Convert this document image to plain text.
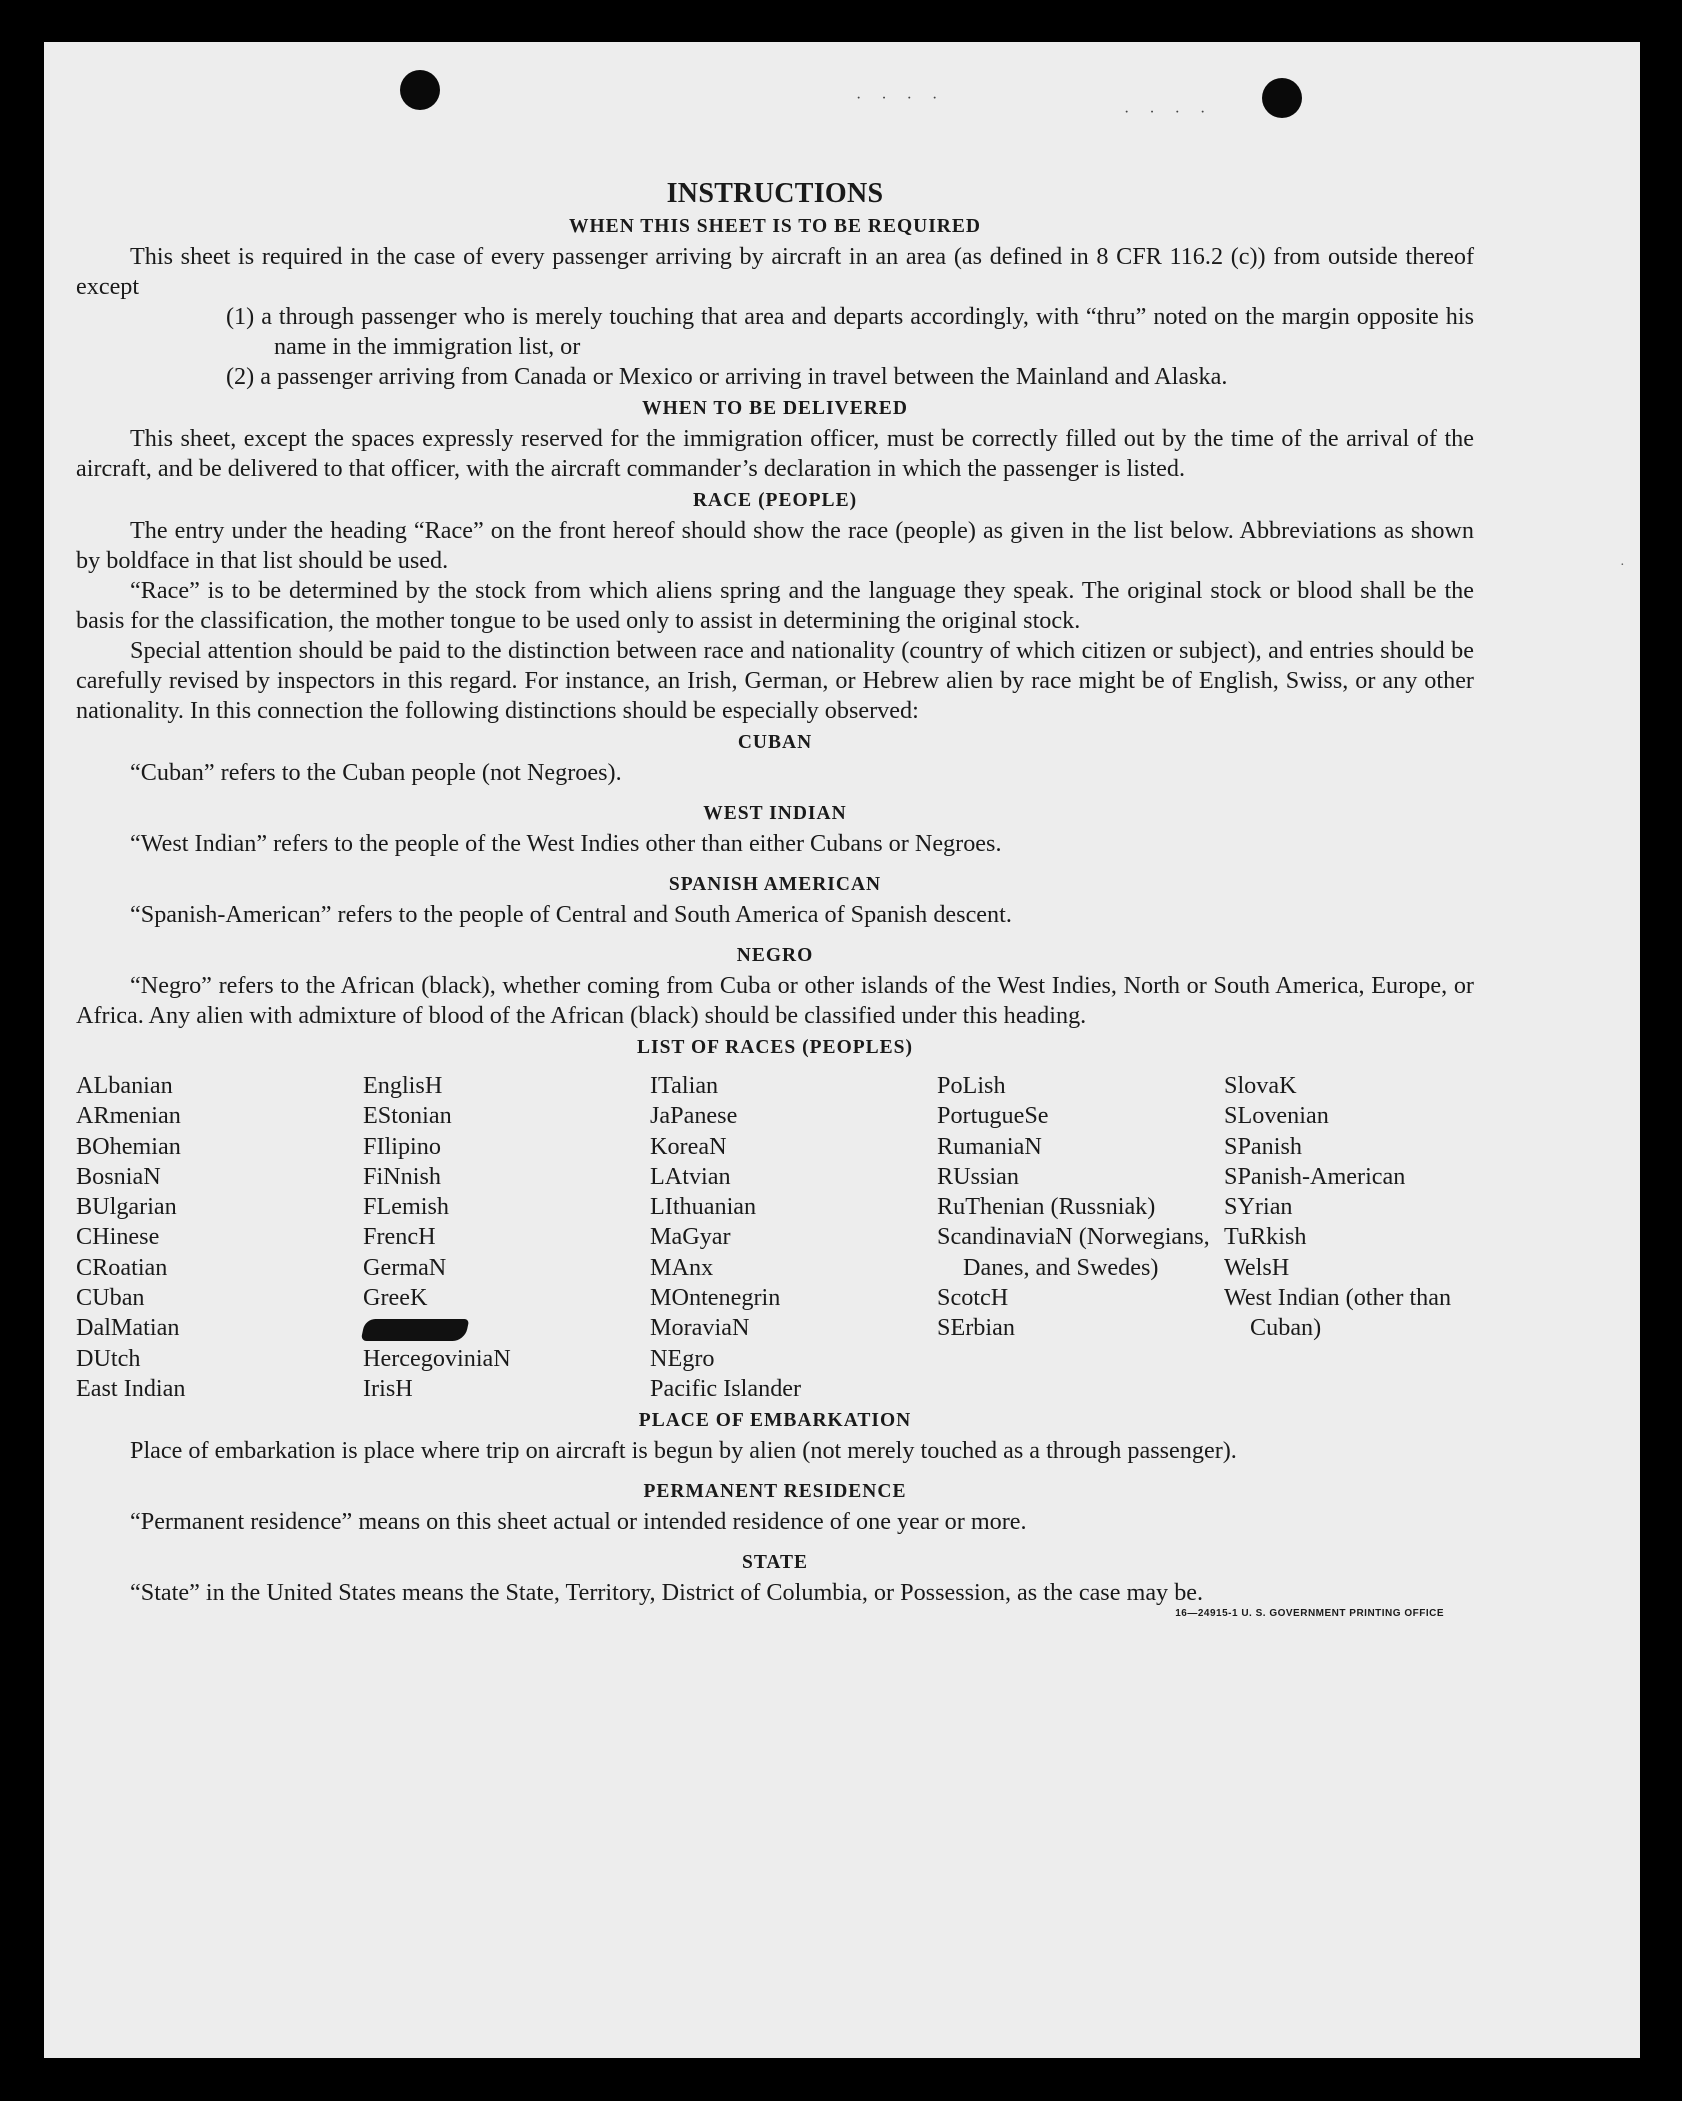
· · · ·
· · · ·
·
INSTRUCTIONS
WHEN THIS SHEET IS TO BE REQUIRED

This sheet is required in the case of every passenger arriving by aircraft in an area (as defined in 8 CFR 116.2 (c)) from outside thereof except

(1) a through passenger who is merely touching that area and departs accordingly, with “thru” noted on the margin opposite his name in the immigration list, or

(2) a passenger arriving from Canada or Mexico or arriving in travel between the Mainland and Alaska.

WHEN TO BE DELIVERED

This sheet, except the spaces expressly reserved for the immigration officer, must be correctly filled out by the time of the arrival of the aircraft, and be delivered to that officer, with the aircraft commander’s declaration in which the passenger is listed.

RACE (PEOPLE)

The entry under the heading “Race” on the front hereof should show the race (people) as given in the list below. Abbreviations as shown by boldface in that list should be used.

“Race” is to be determined by the stock from which aliens spring and the language they speak. The original stock or blood shall be the basis for the classification, the mother tongue to be used only to assist in determining the original stock.

Special attention should be paid to the distinction between race and nationality (country of which citizen or subject), and entries should be carefully revised by inspectors in this regard. For instance, an Irish, German, or Hebrew alien by race might be of English, Swiss, or any other nationality. In this connection the following distinctions should be especially observed:

CUBAN

“Cuban” refers to the Cuban people (not Negroes).

WEST INDIAN

“West Indian” refers to the people of the West Indies other than either Cubans or Negroes.

SPANISH AMERICAN

“Spanish-American” refers to the people of Central and South America of Spanish descent.

NEGRO

“Negro” refers to the African (black), whether coming from Cuba or other islands of the West Indies, North or South America, Europe, or Africa. Any alien with admixture of blood of the African (black) should be classified under this heading.

LIST OF RACES (PEOPLES)
ALbanian
ARmenian
BOhemian
BosniaN
BUlgarian
CHinese
CRoatian
CUban
DalMatian
DUtch
East Indian
EnglisH
EStonian
FIlipino
FiNnish
FLemish
FrencH
GermaN
GreeK
HercegoviniaN
IrisH
ITalian
JaPanese
KoreaN
LAtvian
LIthuanian
MaGyar
MAnx
MOntenegrin
MoraviaN
NEgro
Pacific Islander
PoLish
PortugueSe
RumaniaN
RUssian
RuThenian (Russniak)
ScandinaviaN (Norwegians, Danes, and Swedes)
ScotcH
SErbian
SlovaK
SLovenian
SPanish
SPanish-American
SYrian
TuRkish
WelsH
West Indian (other than Cuban)
PLACE OF EMBARKATION

Place of embarkation is place where trip on aircraft is begun by alien (not merely touched as a through passenger).

PERMANENT RESIDENCE

“Permanent residence” means on this sheet actual or intended residence of one year or more.

STATE

“State” in the United States means the State, Territory, District of Columbia, or Possession, as the case may be.

16—24915-1 U. S. GOVERNMENT PRINTING OFFICE
